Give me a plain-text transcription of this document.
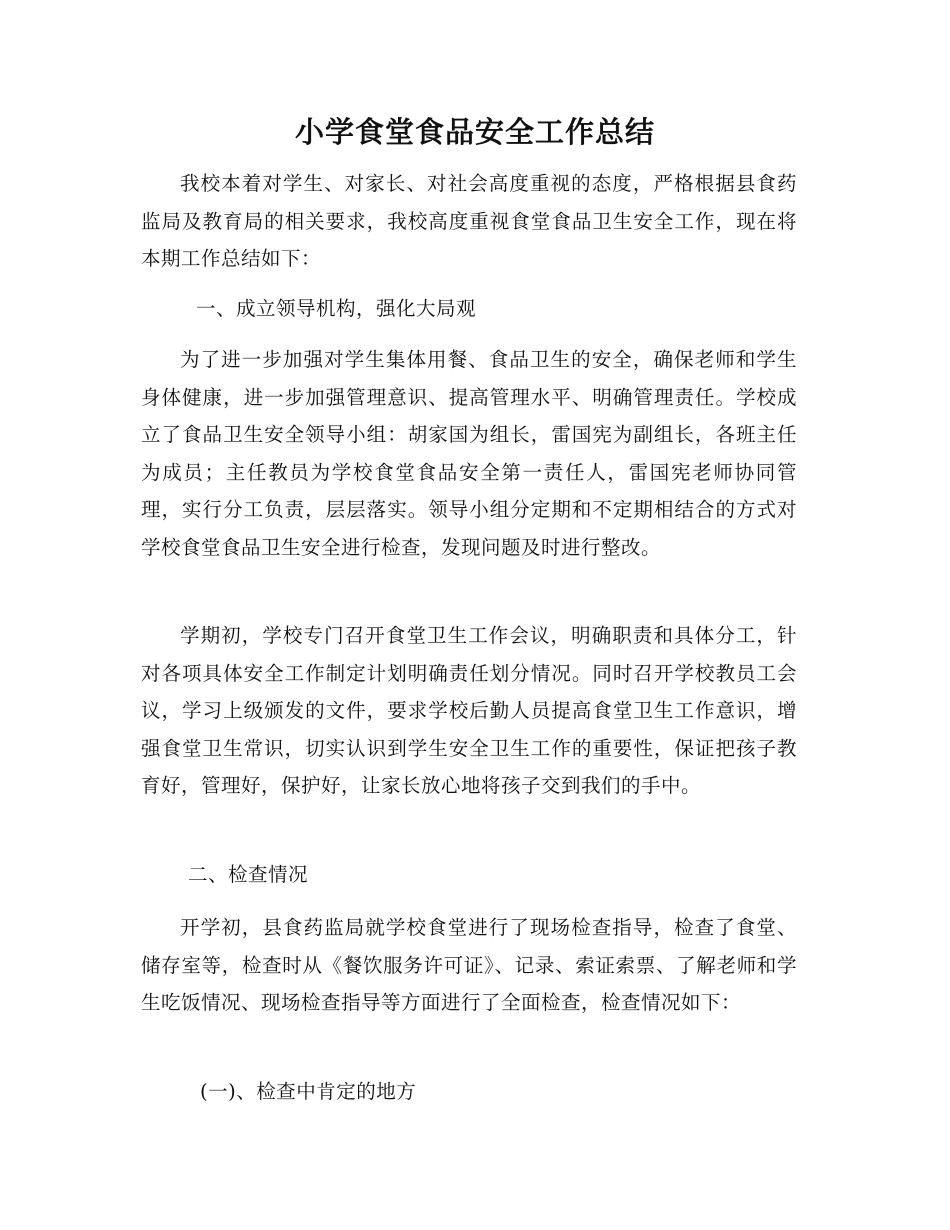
小学食堂食品安全工作总结

我校本着对学生、对家长、对社会高度重视的态度，严格根据县食药监局及教育局的相关要求，我校高度重视食堂食品卫生安全工作，现在将本期工作总结如下：

一、成立领导机构，强化大局观

为了进一步加强对学生集体用餐、食品卫生的安全，确保老师和学生身体健康，进一步加强管理意识、提高管理水平、明确管理责任。学校成立了食品卫生安全领导小组：胡家国为组长，雷国宪为副组长，各班主任为成员；主任教员为学校食堂食品安全第一责任人，雷国宪老师协同管理，实行分工负责，层层落实。领导小组分定期和不定期相结合的方式对学校食堂食品卫生安全进行检查，发现问题及时进行整改。

学期初，学校专门召开食堂卫生工作会议，明确职责和具体分工，针对各项具体安全工作制定计划明确责任划分情况。同时召开学校教员工会议，学习上级颁发的文件，要求学校后勤人员提高食堂卫生工作意识，增强食堂卫生常识，切实认识到学生安全卫生工作的重要性，保证把孩子教育好，管理好，保护好，让家长放心地将孩子交到我们的手中。

二、检查情况

开学初，县食药监局就学校食堂进行了现场检查指导，检查了食堂、储存室等，检查时从《餐饮服务许可证》、记录、索证索票、了解老师和学生吃饭情况、现场检查指导等方面进行了全面检查，检查情况如下：

(一)、检查中肯定的地方
